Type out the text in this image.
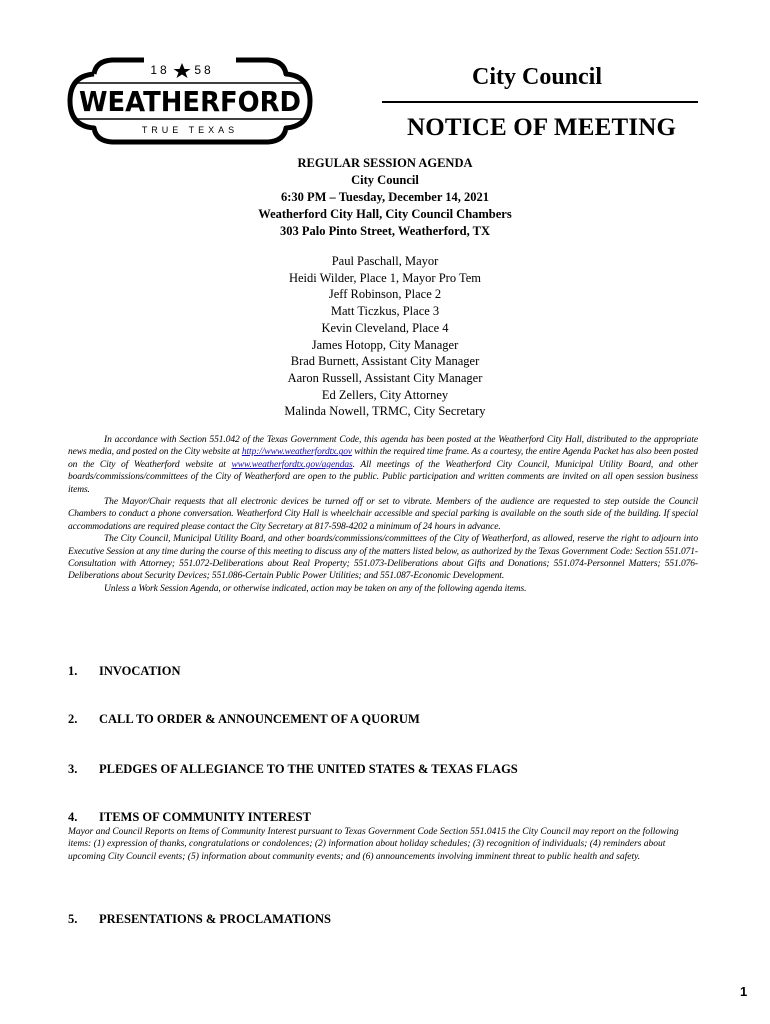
18 58
WEATHERFORD
TRUE TEXAS
City Council
NOTICE OF MEETING
REGULAR SESSION AGENDA
City Council
6:30 PM – Tuesday, December 14, 2021
Weatherford City Hall, City Council Chambers
303 Palo Pinto Street, Weatherford, TX
Paul Paschall, Mayor
Heidi Wilder, Place 1, Mayor Pro Tem
Jeff Robinson, Place 2
Matt Ticzkus, Place 3
Kevin Cleveland, Place 4
James Hotopp, City Manager
Brad Burnett, Assistant City Manager
Aaron Russell, Assistant City Manager
Ed Zellers, City Attorney
Malinda Nowell, TRMC, City Secretary

In accordance with Section 551.042 of the Texas Government Code, this agenda has been posted at the Weatherford City Hall, distributed to the appropriate news media, and posted on the City website at http://www.weatherfordtx.gov within the required time frame. As a courtesy, the entire Agenda Packet has also been posted on the City of Weatherford website at www.weatherfordtx.gov/agendas. All meetings of the Weatherford City Council, Municipal Utility Board, and other boards/commissions/committees of the City of Weatherford are open to the public. Public participation and written comments are invited on all open session business items.

The Mayor/Chair requests that all electronic devices be turned off or set to vibrate. Members of the audience are requested to step outside the Council Chambers to conduct a phone conversation. Weatherford City Hall is wheelchair accessible and special parking is available on the south side of the building. If special accommodations are required please contact the City Secretary at 817-598-4202 a minimum of 24 hours in advance.

The City Council, Municipal Utility Board, and other boards/commissions/committees of the City of Weatherford, as allowed, reserve the right to adjourn into Executive Session at any time during the course of this meeting to discuss any of the matters listed below, as authorized by the Texas Government Code: Section 551.071-Consultation with Attorney; 551.072-Deliberations about Real Property; 551.073-Deliberations about Gifts and Donations; 551.074-Personnel Matters; 551.076-Deliberations about Security Devices; 551.086-Certain Public Power Utilities; and 551.087-Economic Development.

Unless a Work Session Agenda, or otherwise indicated, action may be taken on any of the following agenda items.

1. INVOCATION
2. CALL TO ORDER & ANNOUNCEMENT OF A QUORUM
3. PLEDGES OF ALLEGIANCE TO THE UNITED STATES & TEXAS FLAGS
4. ITEMS OF COMMUNITY INTEREST
Mayor and Council Reports on Items of Community Interest pursuant to Texas Government Code Section 551.0415 the City Council may report on the following items: (1) expression of thanks, congratulations or condolences; (2) information about holiday schedules; (3) recognition of individuals; (4) reminders about upcoming City Council events; (5) information about community events; and (6) announcements involving imminent threat to public health and safety.
5. PRESENTATIONS & PROCLAMATIONS
1
